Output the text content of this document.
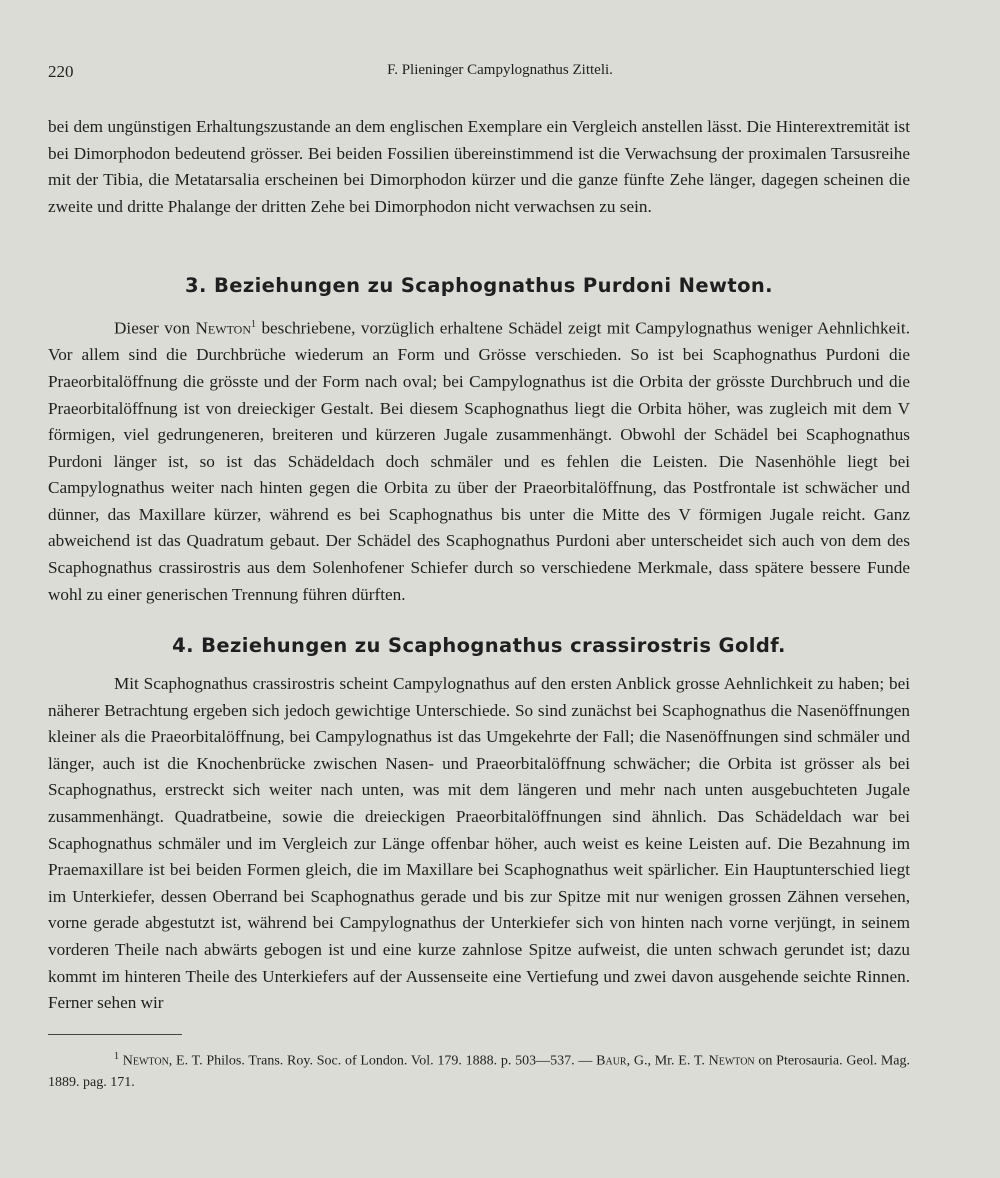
220	F. Plieninger Campylognathus Zitteli.

bei dem ungünstigen Erhaltungszustande an dem englischen Exemplare ein Vergleich anstellen lässt. Die Hinterextremität ist bei Dimorphodon bedeutend grösser. Bei beiden Fossilien übereinstimmend ist die Verwachsung der proximalen Tarsusreihe mit der Tibia, die Metatarsalia erscheinen bei Dimorphodon kürzer und die ganze fünfte Zehe länger, dagegen scheinen die zweite und dritte Phalange der dritten Zehe bei Dimorphodon nicht verwachsen zu sein.

3. Beziehungen zu Scaphognathus Purdoni Newton.

Dieser von Newton$^1$ beschriebene, vorzüglich erhaltene Schädel zeigt mit Campylognathus weniger Aehnlichkeit. Vor allem sind die Durchbrüche wiederum an Form und Grösse verschieden. So ist bei Scaphognathus Purdoni die Praeorbitalöffnung die grösste und der Form nach oval; bei Campylognathus ist die Orbita der grösste Durchbruch und die Praeorbitalöffnung ist von dreieckiger Gestalt. Bei diesem Scaphognathus liegt die Orbita höher, was zugleich mit dem V förmigen, viel gedrungeneren, breiteren und kürzeren Jugale zusammenhängt. Obwohl der Schädel bei Scaphognathus Purdoni länger ist, so ist das Schädeldach doch schmäler und es fehlen die Leisten. Die Nasenhöhle liegt bei Campylognathus weiter nach hinten gegen die Orbita zu über der Praeorbitalöffnung, das Postfrontale ist schwächer und dünner, das Maxillare kürzer, während es bei Scaphognathus bis unter die Mitte des V förmigen Jugale reicht. Ganz abweichend ist das Quadratum gebaut. Der Schädel des Scaphognathus Purdoni aber unterscheidet sich auch von dem des Scaphognathus crassirostris aus dem Solenhofener Schiefer durch so verschiedene Merkmale, dass spätere bessere Funde wohl zu einer generischen Trennung führen dürften.

4. Beziehungen zu Scaphognathus crassirostris Goldf.

Mit Scaphognathus crassirostris scheint Campylognathus auf den ersten Anblick grosse Aehnlichkeit zu haben; bei näherer Betrachtung ergeben sich jedoch gewichtige Unterschiede. So sind zunächst bei Scaphognathus die Nasenöffnungen kleiner als die Praeorbitalöffnung, bei Campylognathus ist das Umgekehrte der Fall; die Nasenöffnungen sind schmäler und länger, auch ist die Knochenbrücke zwischen Nasen- und Praeorbitalöffnung schwächer; die Orbita ist grösser als bei Scaphognathus, erstreckt sich weiter nach unten, was mit dem längeren und mehr nach unten ausgebuchteten Jugale zusammenhängt. Quadratbeine, sowie die dreieckigen Praeorbitalöffnungen sind ähnlich. Das Schädeldach war bei Scaphognathus schmäler und im Vergleich zur Länge offenbar höher, auch weist es keine Leisten auf. Die Bezahnung im Praemaxillare ist bei beiden Formen gleich, die im Maxillare bei Scaphognathus weit spärlicher. Ein Hauptunterschied liegt im Unterkiefer, dessen Oberrand bei Scaphognathus gerade und bis zur Spitze mit nur wenigen grossen Zähnen versehen, vorne gerade abgestutzt ist, während bei Campylognathus der Unterkiefer sich von hinten nach vorne verjüngt, in seinem vorderen Theile nach abwärts gebogen ist und eine kurze zahnlose Spitze aufweist, die unten schwach gerundet ist; dazu kommt im hinteren Theile des Unterkiefers auf der Aussenseite eine Vertiefung und zwei davon ausgehende seichte Rinnen. Ferner sehen wir

$^1$ Newton, E. T. Philos. Trans. Roy. Soc. of London. Vol. 179. 1888. p. 503—537. — Baur, G., Mr. E. T. Newton on Pterosauria. Geol. Mag. 1889. pag. 171.
